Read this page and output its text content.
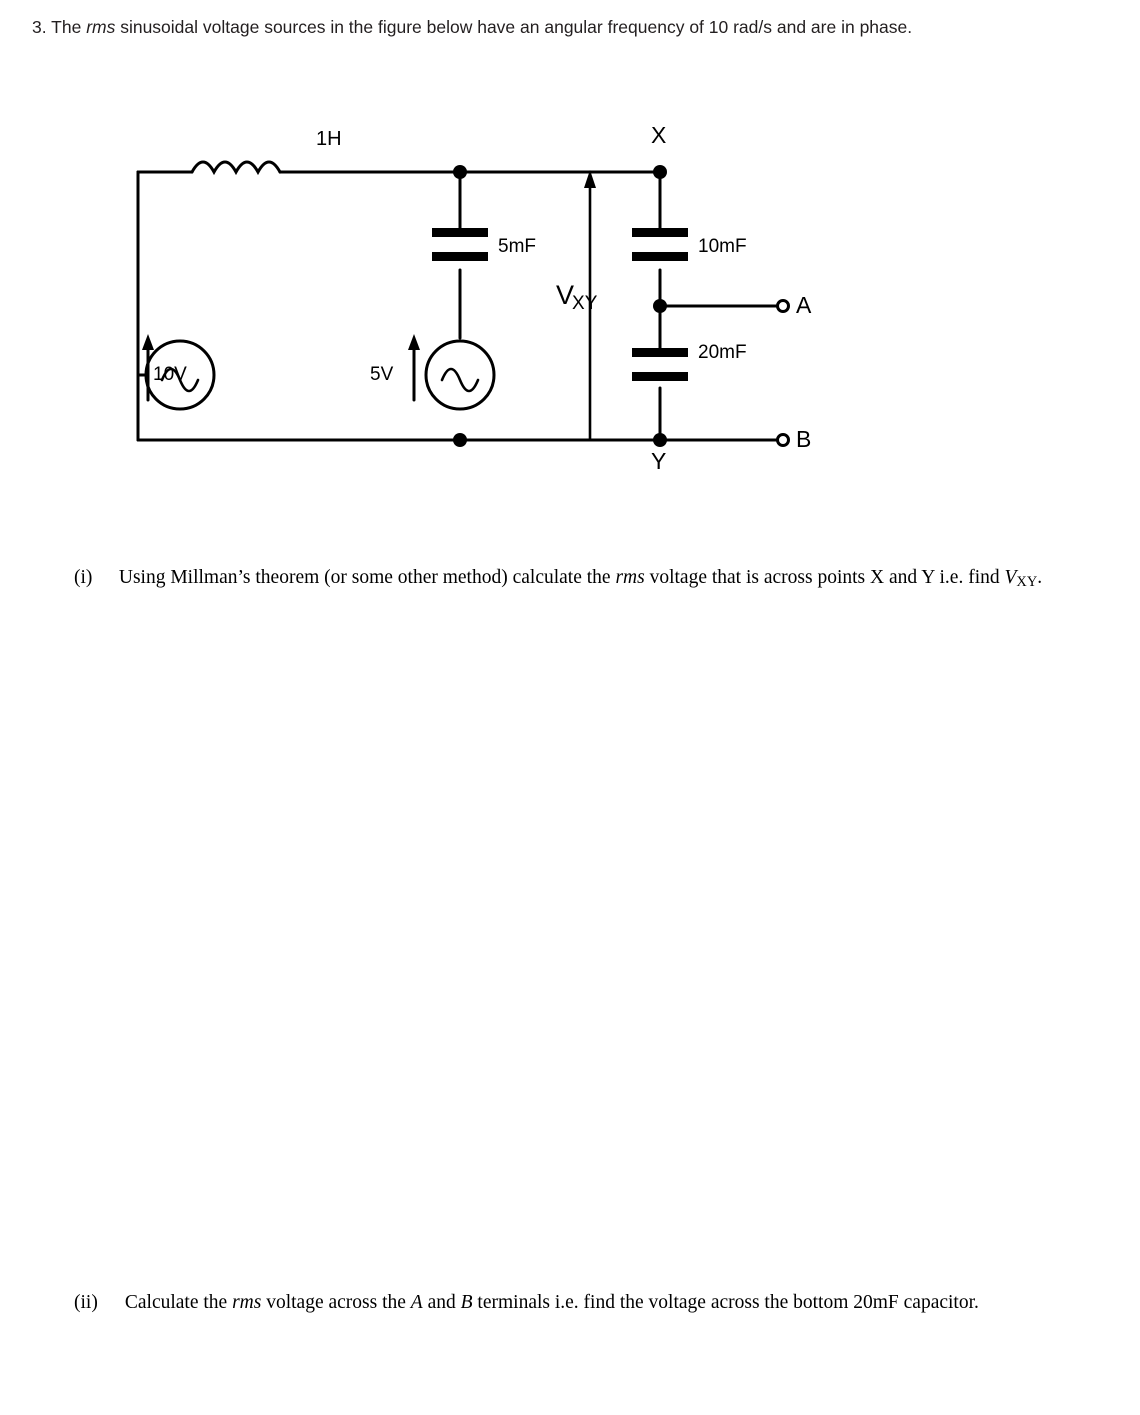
3. The rms sinusoidal voltage sources in the figure below have an angular frequency of 10 rad/s and are in phase.
1H
5mF	10mF
20mF
10V	5V
X
Y
A
B
VXY
(i) Using Millman’s theorem (or some other method) calculate the rms voltage that is across points X and Y i.e. find $V_{XY}$.
(ii) Calculate the rms voltage across the A and B terminals i.e. find the voltage across the bottom 20mF capacitor.
